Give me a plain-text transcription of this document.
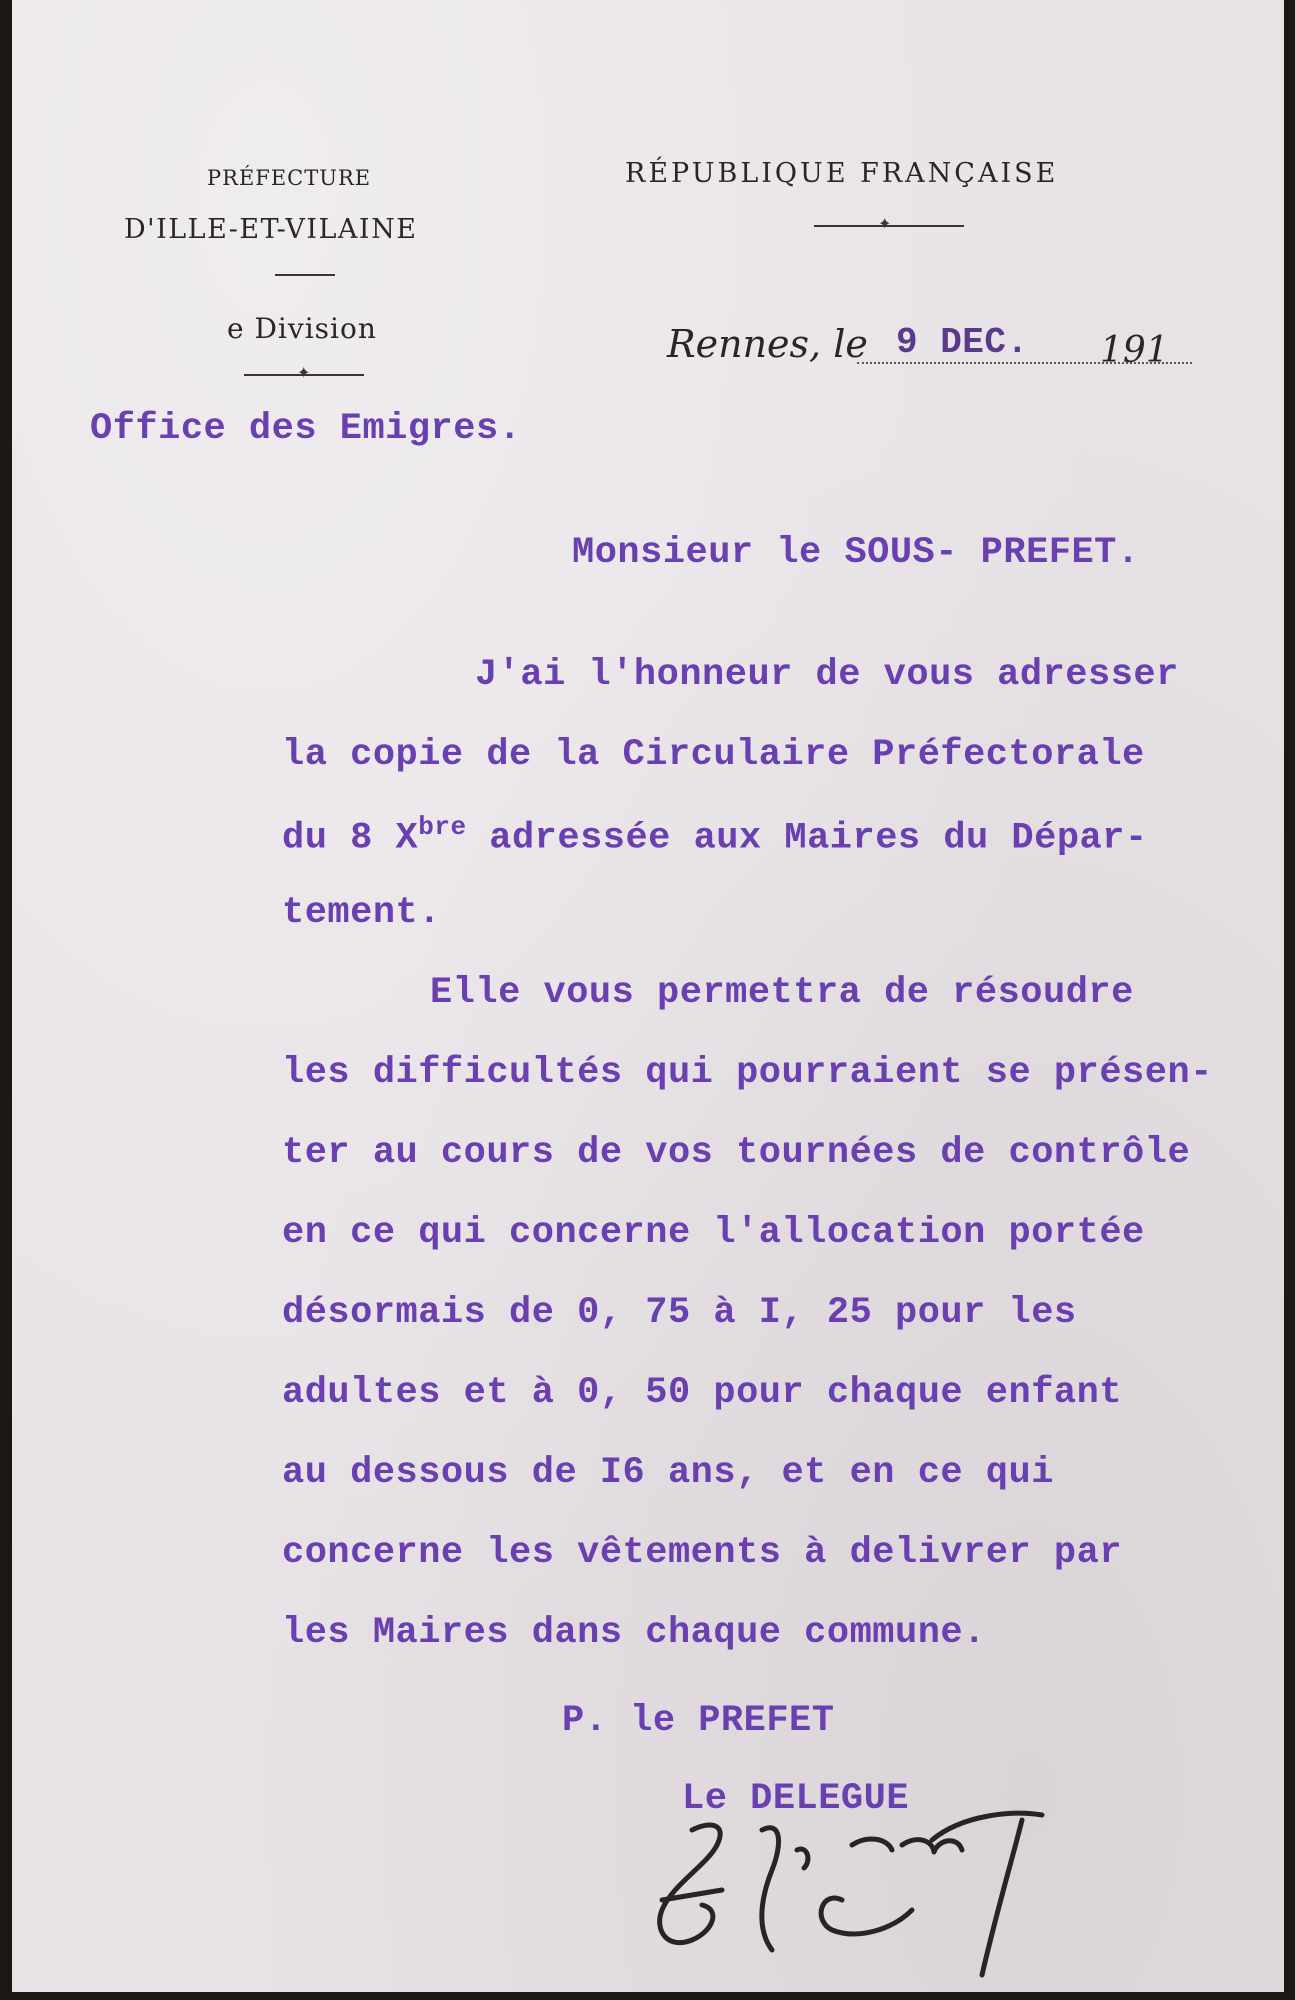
PRÉFECTURE
D'ILLE-ET-VILAINE
e Division
✦
RÉPUBLIQUE FRANÇAISE
✦
Rennes, le 9 DEC. 191
Office des Emigres.
Monsieur le SOUS- PREFET.
J'ai l'honneur de vous adresser
la copie de la Circulaire Préfectorale
du 8 $X^{bre}$ adressée aux Maires du Dépar-
tement.
Elle vous permettra de résoudre
les difficultés qui pourraient se présen-
ter au cours de vos tournées de contrôle
en ce qui concerne l'allocation portée
désormais de 0, 75 à I, 25 pour les
adultes et à 0, 50 pour chaque enfant
au dessous de I6 ans, et en ce qui
concerne les vêtements à delivrer par
les Maires dans chaque commune.
P. le PREFET
Le DELEGUE
